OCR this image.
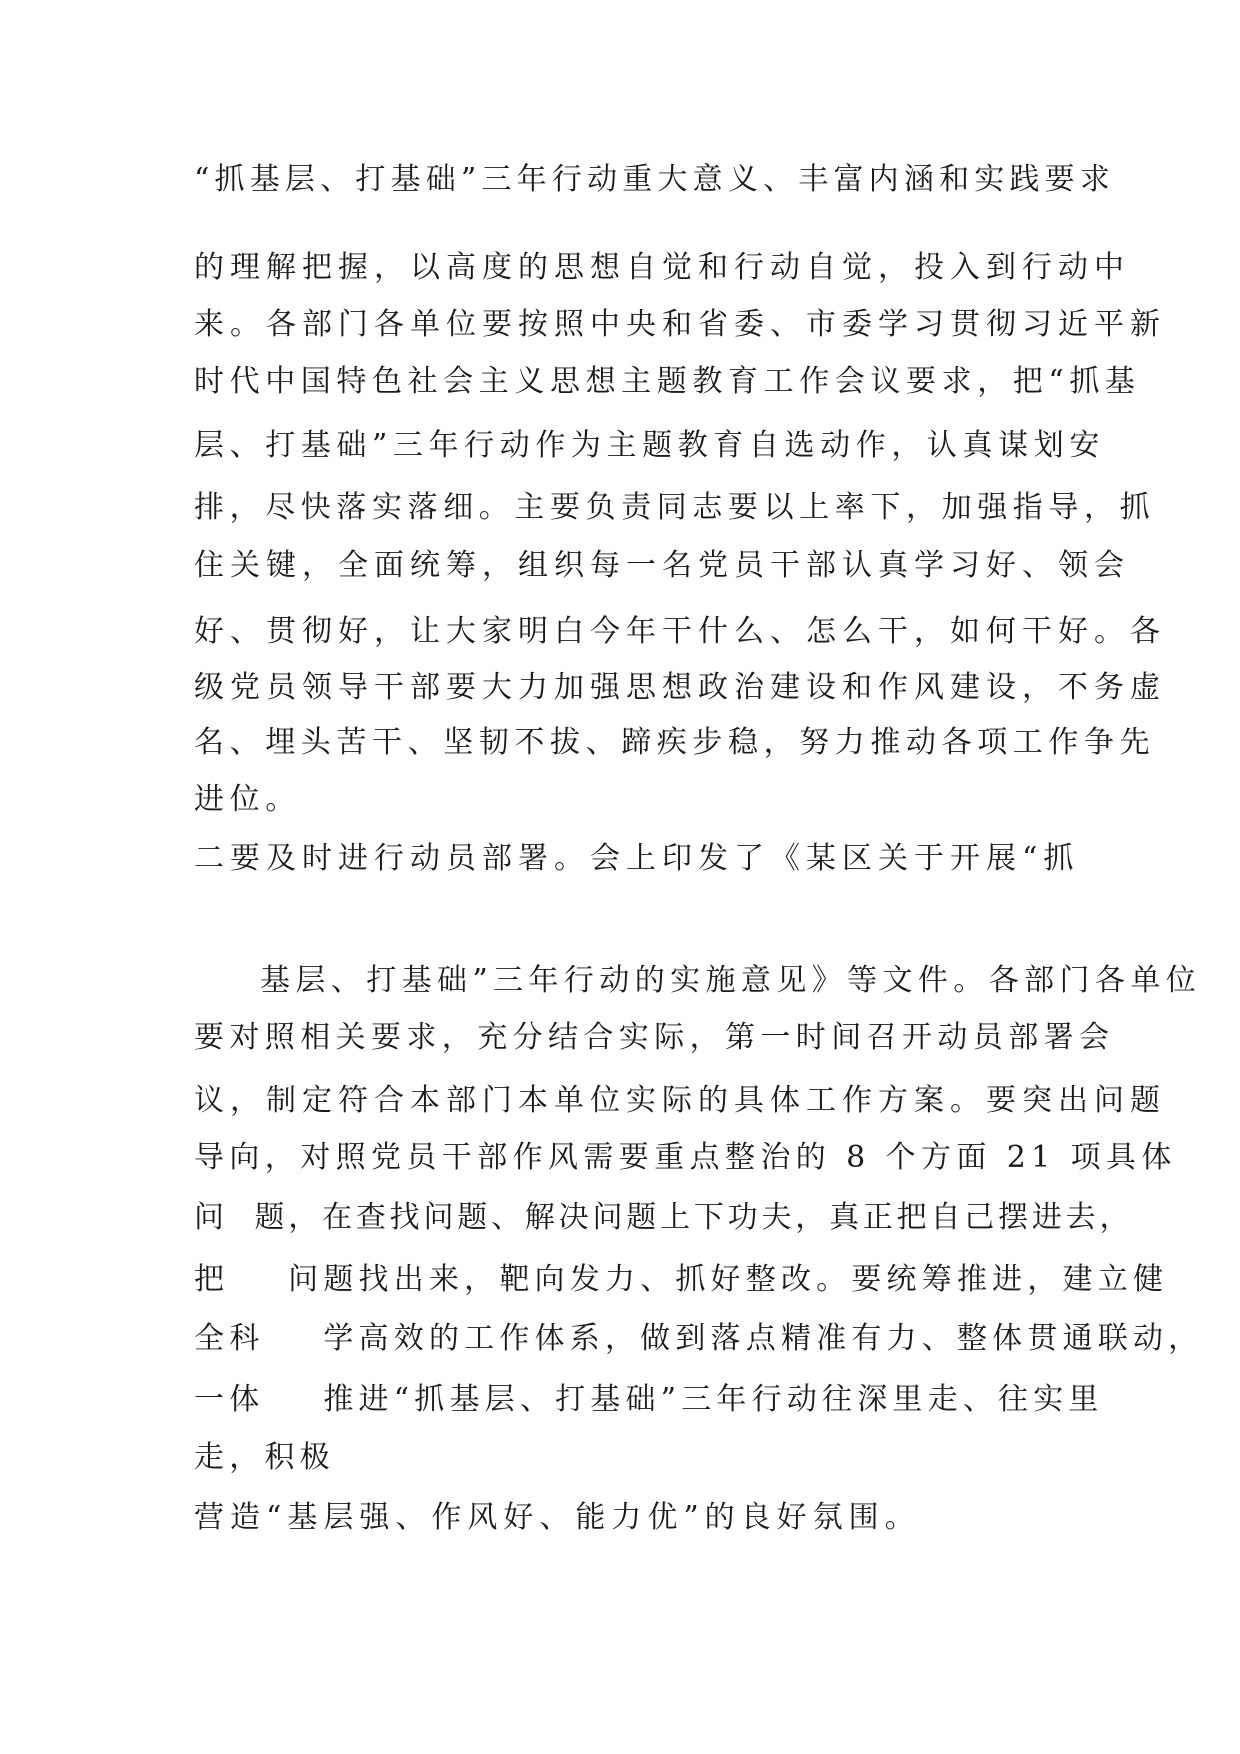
“抓基层、打基础”三年行动重大意义、丰富内涵和实践要求
的理解把握，以高度的思想自觉和行动自觉，投入到行动中
来。各部门各单位要按照中央和省委、市委学习贯彻习近平新
时代中国特色社会主义思想主题教育工作会议要求，把“抓基
层、打基础”三年行动作为主题教育自选动作，认真谋划安
排，尽快落实落细。主要负责同志要以上率下，加强指导，抓
住关键，全面统筹，组织每一名党员干部认真学习好、领会
好、贯彻好，让大家明白今年干什么、怎么干，如何干好。各
级党员领导干部要大力加强思想政治建设和作风建设，不务虚
名、埋头苦干、坚韧不拔、蹄疾步稳，努力推动各项工作争先
进位。
二要及时进行动员部署。会上印发了《某区关于开展“抓
基层、打基础”三年行动的实施意见》等文件。各部门各单位
要对照相关要求，充分结合实际，第一时间召开动员部署会
议，制定符合本部门本单位实际的具体工作方案。要突出问题
导向，对照党员干部作风需要重点整治的 8 个方面 21 项具体
问  题，在查找问题、解决问题上下功夫，真正把自己摆进去，
把    问题找出来，靶向发力、抓好整改。要统筹推进，建立健
全科    学高效的工作体系，做到落点精准有力、整体贯通联动，
一体    推进“抓基层、打基础”三年行动往深里走、往实里
走，积极
营造“基层强、作风好、能力优”的良好氛围。
